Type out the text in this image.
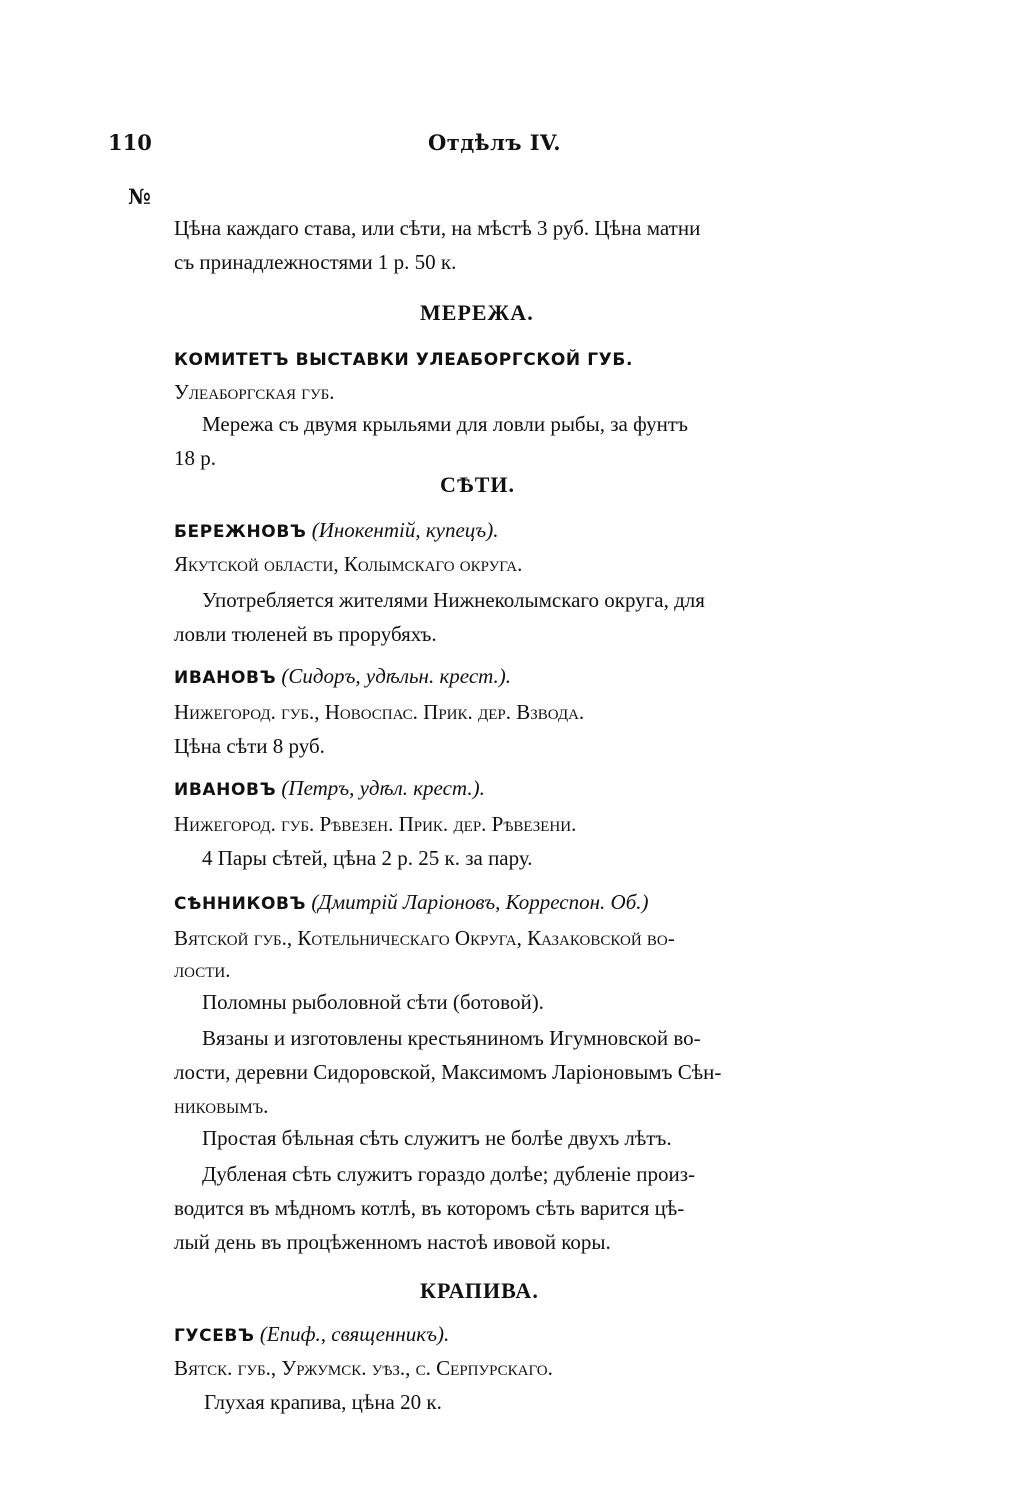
110	Отдѣлъ IV.
№
Цѣна каждаго става, или сѣти, на мѣстѣ 3 руб. Цѣна матни
съ принадлежностями 1 р. 50 к.
МЕРЕЖА.
КОМИТЕТЪ ВЫСТАВКИ УЛЕАБОРГСКОЙ ГУБ.
Улеаборгская губ.
Мережа съ двумя крыльями для ловли рыбы, за фунтъ
18 р.
СѢТИ.
БЕРЕЖНОВЪ (Инокентій, купецъ).
Якутской области, Колымскаго округа.
Употребляется жителями Нижнеколымскаго округа, для
ловли тюленей въ прорубяхъ.
ИВАНОВЪ (Сидоръ, удѣльн. крест.).
Нижегород. губ., Новоспас. Прик. дер. Взвода.
Цѣна сѣти 8 руб.
ИВАНОВЪ (Петръ, удѣл. крест.).
Нижегород. губ. Рѣвезен. Прик. дер. Рѣвезени.
4 Пары сѣтей, цѣна 2 р. 25 к. за пару.
СѢННИКОВЪ (Дмитрій Ларіоновъ, Корреспон. Об.)
Вятской губ., Котельническаго Округа, Казаковской во-
лости.
Поломны рыболовной сѣти (ботовой).
Вязаны и изготовлены крестьяниномъ Игумновской во-
лости, деревни Сидоровской, Максимомъ Ларіоновымъ Сѣн-
никовымъ.
Простая бѣльная сѣть служитъ не болѣе двухъ лѣтъ.
Дубленая сѣть служитъ гораздо долѣе; дубленіе произ-
водится въ мѣдномъ котлѣ, въ которомъ сѣть варится цѣ-
лый день въ процѣженномъ настоѣ ивовой коры.
КРАПИВА.
ГУСЕВЪ (Епиф., священникъ).
Вятск. губ., Уржумск. уѣз., с. Серпурскаго.
Глухая крапива, цѣна 20 к.
